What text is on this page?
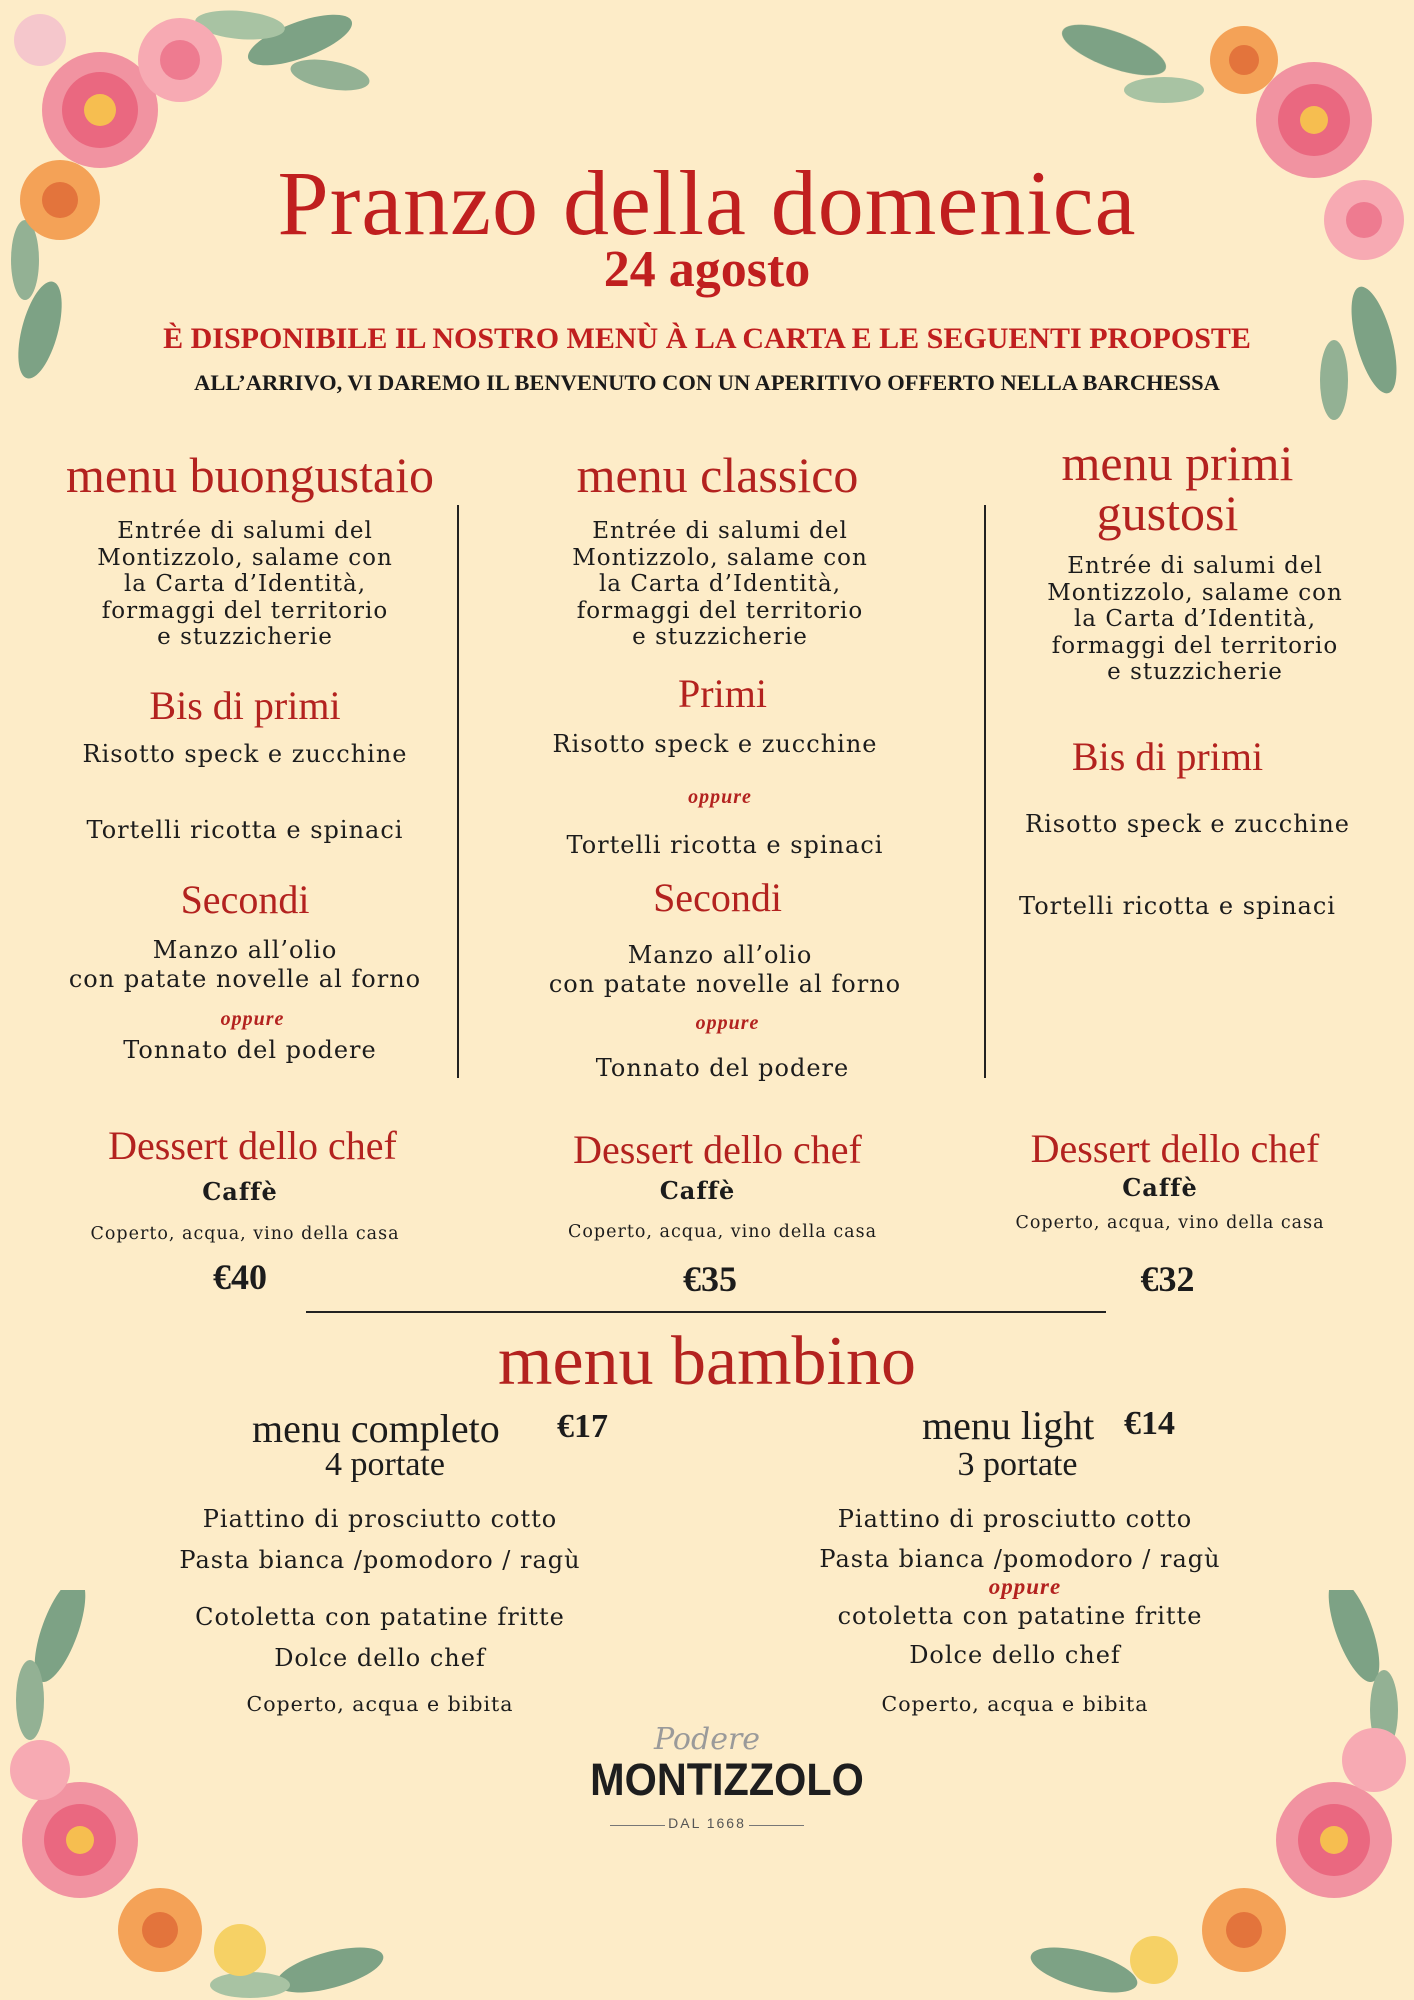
Pranzo della domenica
24 agosto
È DISPONIBILE IL NOSTRO MENÙ À LA CARTA E LE SEGUENTI PROPOSTE
ALL’ARRIVO, VI DAREMO IL BENVENUTO CON UN APERITIVO OFFERTO NELLA BARCHESSA
menu buongustaio
Entrée di salumi del
Montizzolo, salame con
la Carta d’Identità,
formaggi del territorio
e stuzzicherie
Bis di primi
Risotto speck e zucchine
Tortelli ricotta e spinaci
Secondi
Manzo all’olio
con patate novelle al forno
oppure
Tonnato del podere
Dessert dello chef
Caffè
Coperto, acqua, vino della casa
€40
menu classico
Entrée di salumi del
Montizzolo, salame con
la Carta d’Identità,
formaggi del territorio
e stuzzicherie
Primi
Risotto speck e zucchine
oppure
Tortelli ricotta e spinaci
Secondi
Manzo all’olio
con patate novelle al forno
oppure
Tonnato del podere
Dessert dello chef
Caffè
Coperto, acqua, vino della casa
€35
menu primi
gustosi
Entrée di salumi del
Montizzolo, salame con
la Carta d’Identità,
formaggi del territorio
e stuzzicherie
Bis di primi
Risotto speck e zucchine
Tortelli ricotta e spinaci
Dessert dello chef
Caffè
Coperto, acqua, vino della casa
€32
menu bambino
menu completo €17
4 portate
Piattino di prosciutto cotto
Pasta bianca /pomodoro / ragù
Cotoletta con patatine fritte
Dolce dello chef
Coperto, acqua e bibita
menu light €14
3 portate
Piattino di prosciutto cotto
Pasta bianca /pomodoro / ragù
oppure
cotoletta con patatine fritte
Dolce dello chef
Coperto, acqua e bibita
Podere
MONTIZZOLO
DAL 1668
